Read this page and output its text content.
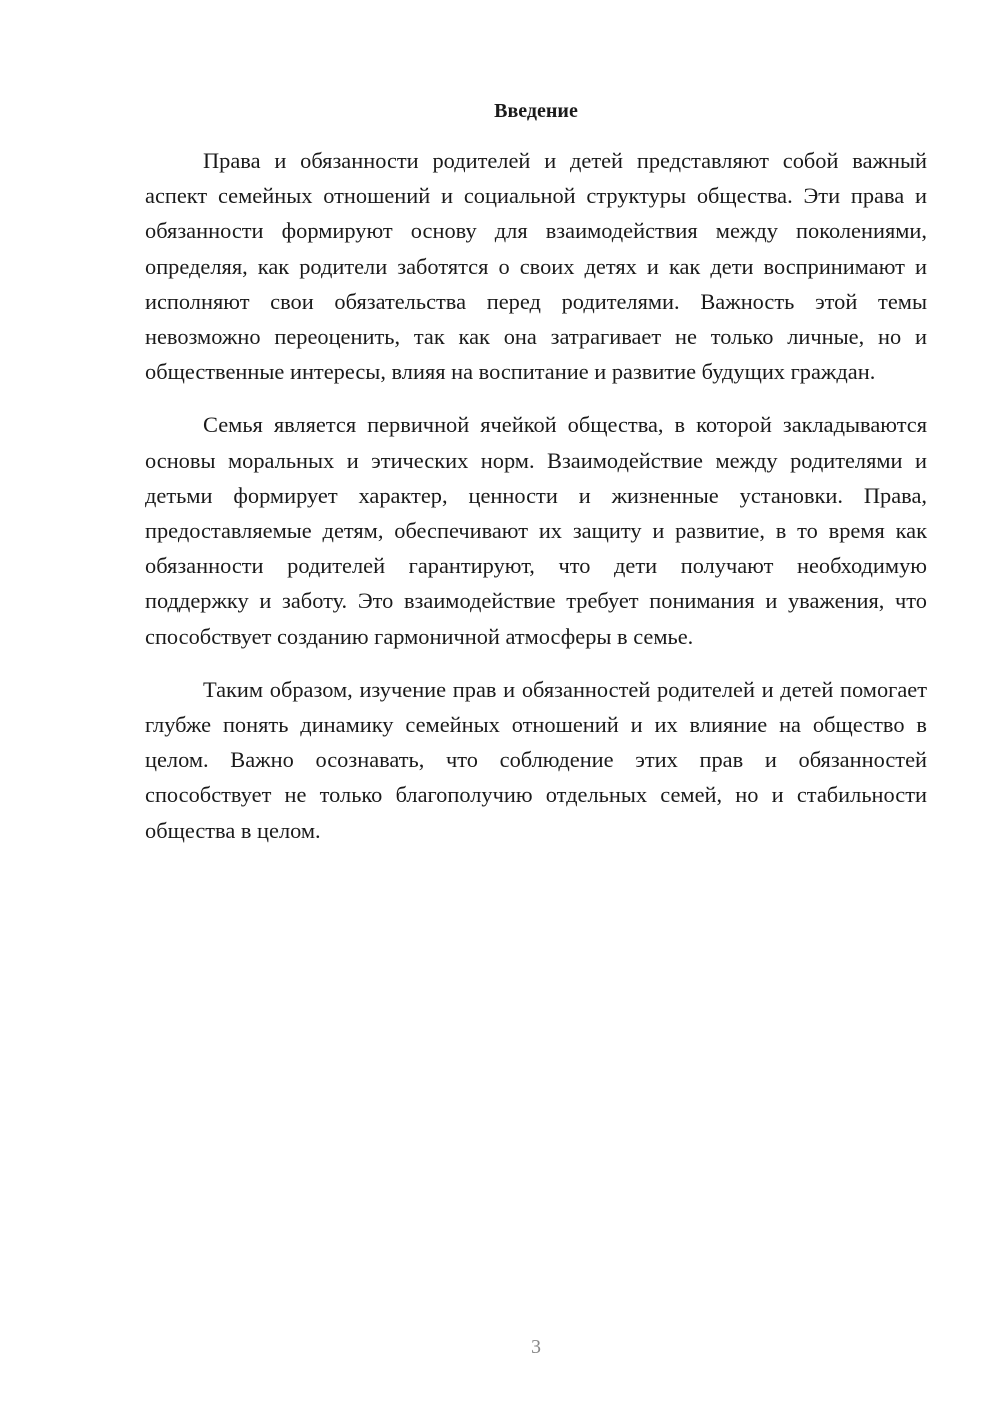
Введение

Права и обязанности родителей и детей представляют собой важный аспект семейных отношений и социальной структуры общества. Эти права и обязанности формируют основу для взаимодействия между поколениями, определяя, как родители заботятся о своих детях и как дети воспринимают и исполняют свои обязательства перед родителями. Важность этой темы невозможно переоценить, так как она затрагивает не только личные, но и общественные интересы, влияя на воспитание и развитие будущих граждан.

Семья является первичной ячейкой общества, в которой закладываются основы моральных и этических норм. Взаимодействие между родителями и детьми формирует характер, ценности и жизненные установки. Права, предоставляемые детям, обеспечивают их защиту и развитие, в то время как обязанности родителей гарантируют, что дети получают необходимую поддержку и заботу. Это взаимодействие требует понимания и уважения, что способствует созданию гармоничной атмосферы в семье.

Таким образом, изучение прав и обязанностей родителей и детей помогает глубже понять динамику семейных отношений и их влияние на общество в целом. Важно осознавать, что соблюдение этих прав и обязанностей способствует не только благополучию отдельных семей, но и стабильности общества в целом.

3
